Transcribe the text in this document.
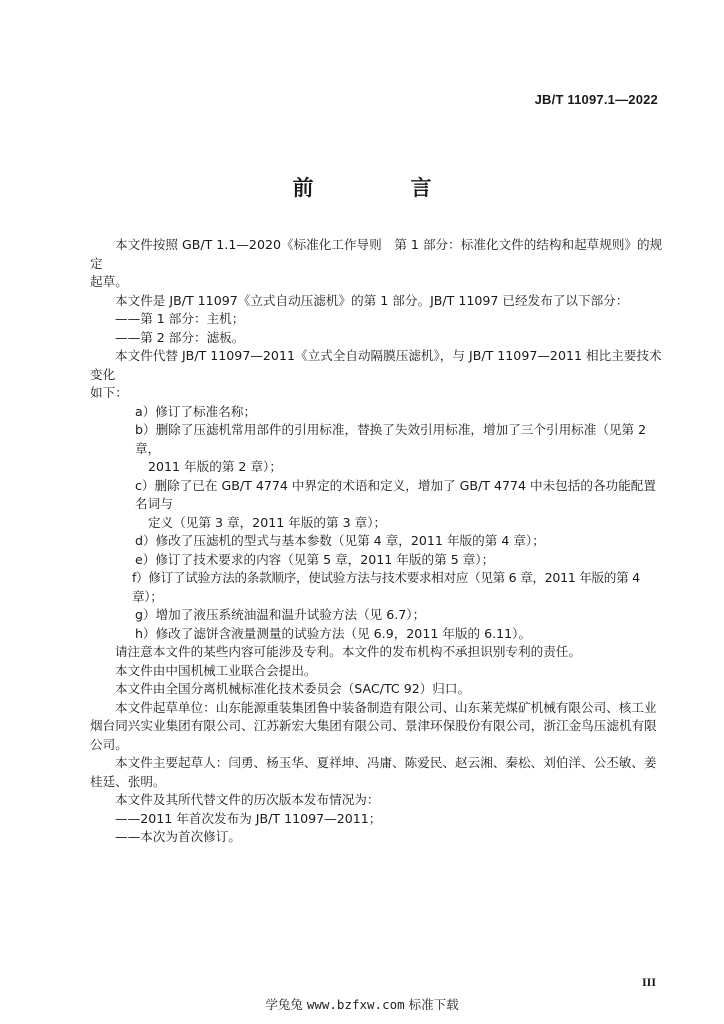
JB/T 11097.1—2022
前　言

本文件按照 GB/T 1.1—2020《标准化工作导则　第 1 部分：标准化文件的结构和起草规则》的规定

起草。

本文件是 JB/T 11097《立式自动压滤机》的第 1 部分。JB/T 11097 已经发布了以下部分：

——第 1 部分：主机；

——第 2 部分：滤板。

本文件代替 JB/T 11097—2011《立式全自动隔膜压滤机》，与 JB/T 11097—2011 相比主要技术变化

如下：

a）修订了标准名称；

b）删除了压滤机常用部件的引用标准，替换了失效引用标准，增加了三个引用标准（见第 2 章，

2011 年版的第 2 章）；

c）删除了已在 GB/T 4774 中界定的术语和定义，增加了 GB/T 4774 中未包括的各功能配置名词与

定义（见第 3 章，2011 年版的第 3 章）；

d）修改了压滤机的型式与基本参数（见第 4 章，2011 年版的第 4 章）；

e）修订了技术要求的内容（见第 5 章，2011 年版的第 5 章）；

f）修订了试验方法的条款顺序，使试验方法与技术要求相对应（见第 6 章，2011 年版的第 4 章）；

g）增加了液压系统油温和温升试验方法（见 6.7）；

h）修改了滤饼含液量测量的试验方法（见 6.9，2011 年版的 6.11）。

请注意本文件的某些内容可能涉及专利。本文件的发布机构不承担识别专利的责任。

本文件由中国机械工业联合会提出。

本文件由全国分离机械标准化技术委员会（SAC/TC 92）归口。

本文件起草单位：山东能源重装集团鲁中装备制造有限公司、山东莱芜煤矿机械有限公司、核工业

烟台同兴实业集团有限公司、江苏新宏大集团有限公司、景津环保股份有限公司，浙江金鸟压滤机有限

公司。

本文件主要起草人：闫勇、杨玉华、夏祥坤、冯庸、陈爱民、赵云湘、秦松、刘伯洋、公丕敏、姜

桂廷、张明。

本文件及其所代替文件的历次版本发布情况为：

——2011 年首次发布为 JB/T 11097—2011；

——本次为首次修订。

III
学兔兔 www.bzfxw.com 标准下载
